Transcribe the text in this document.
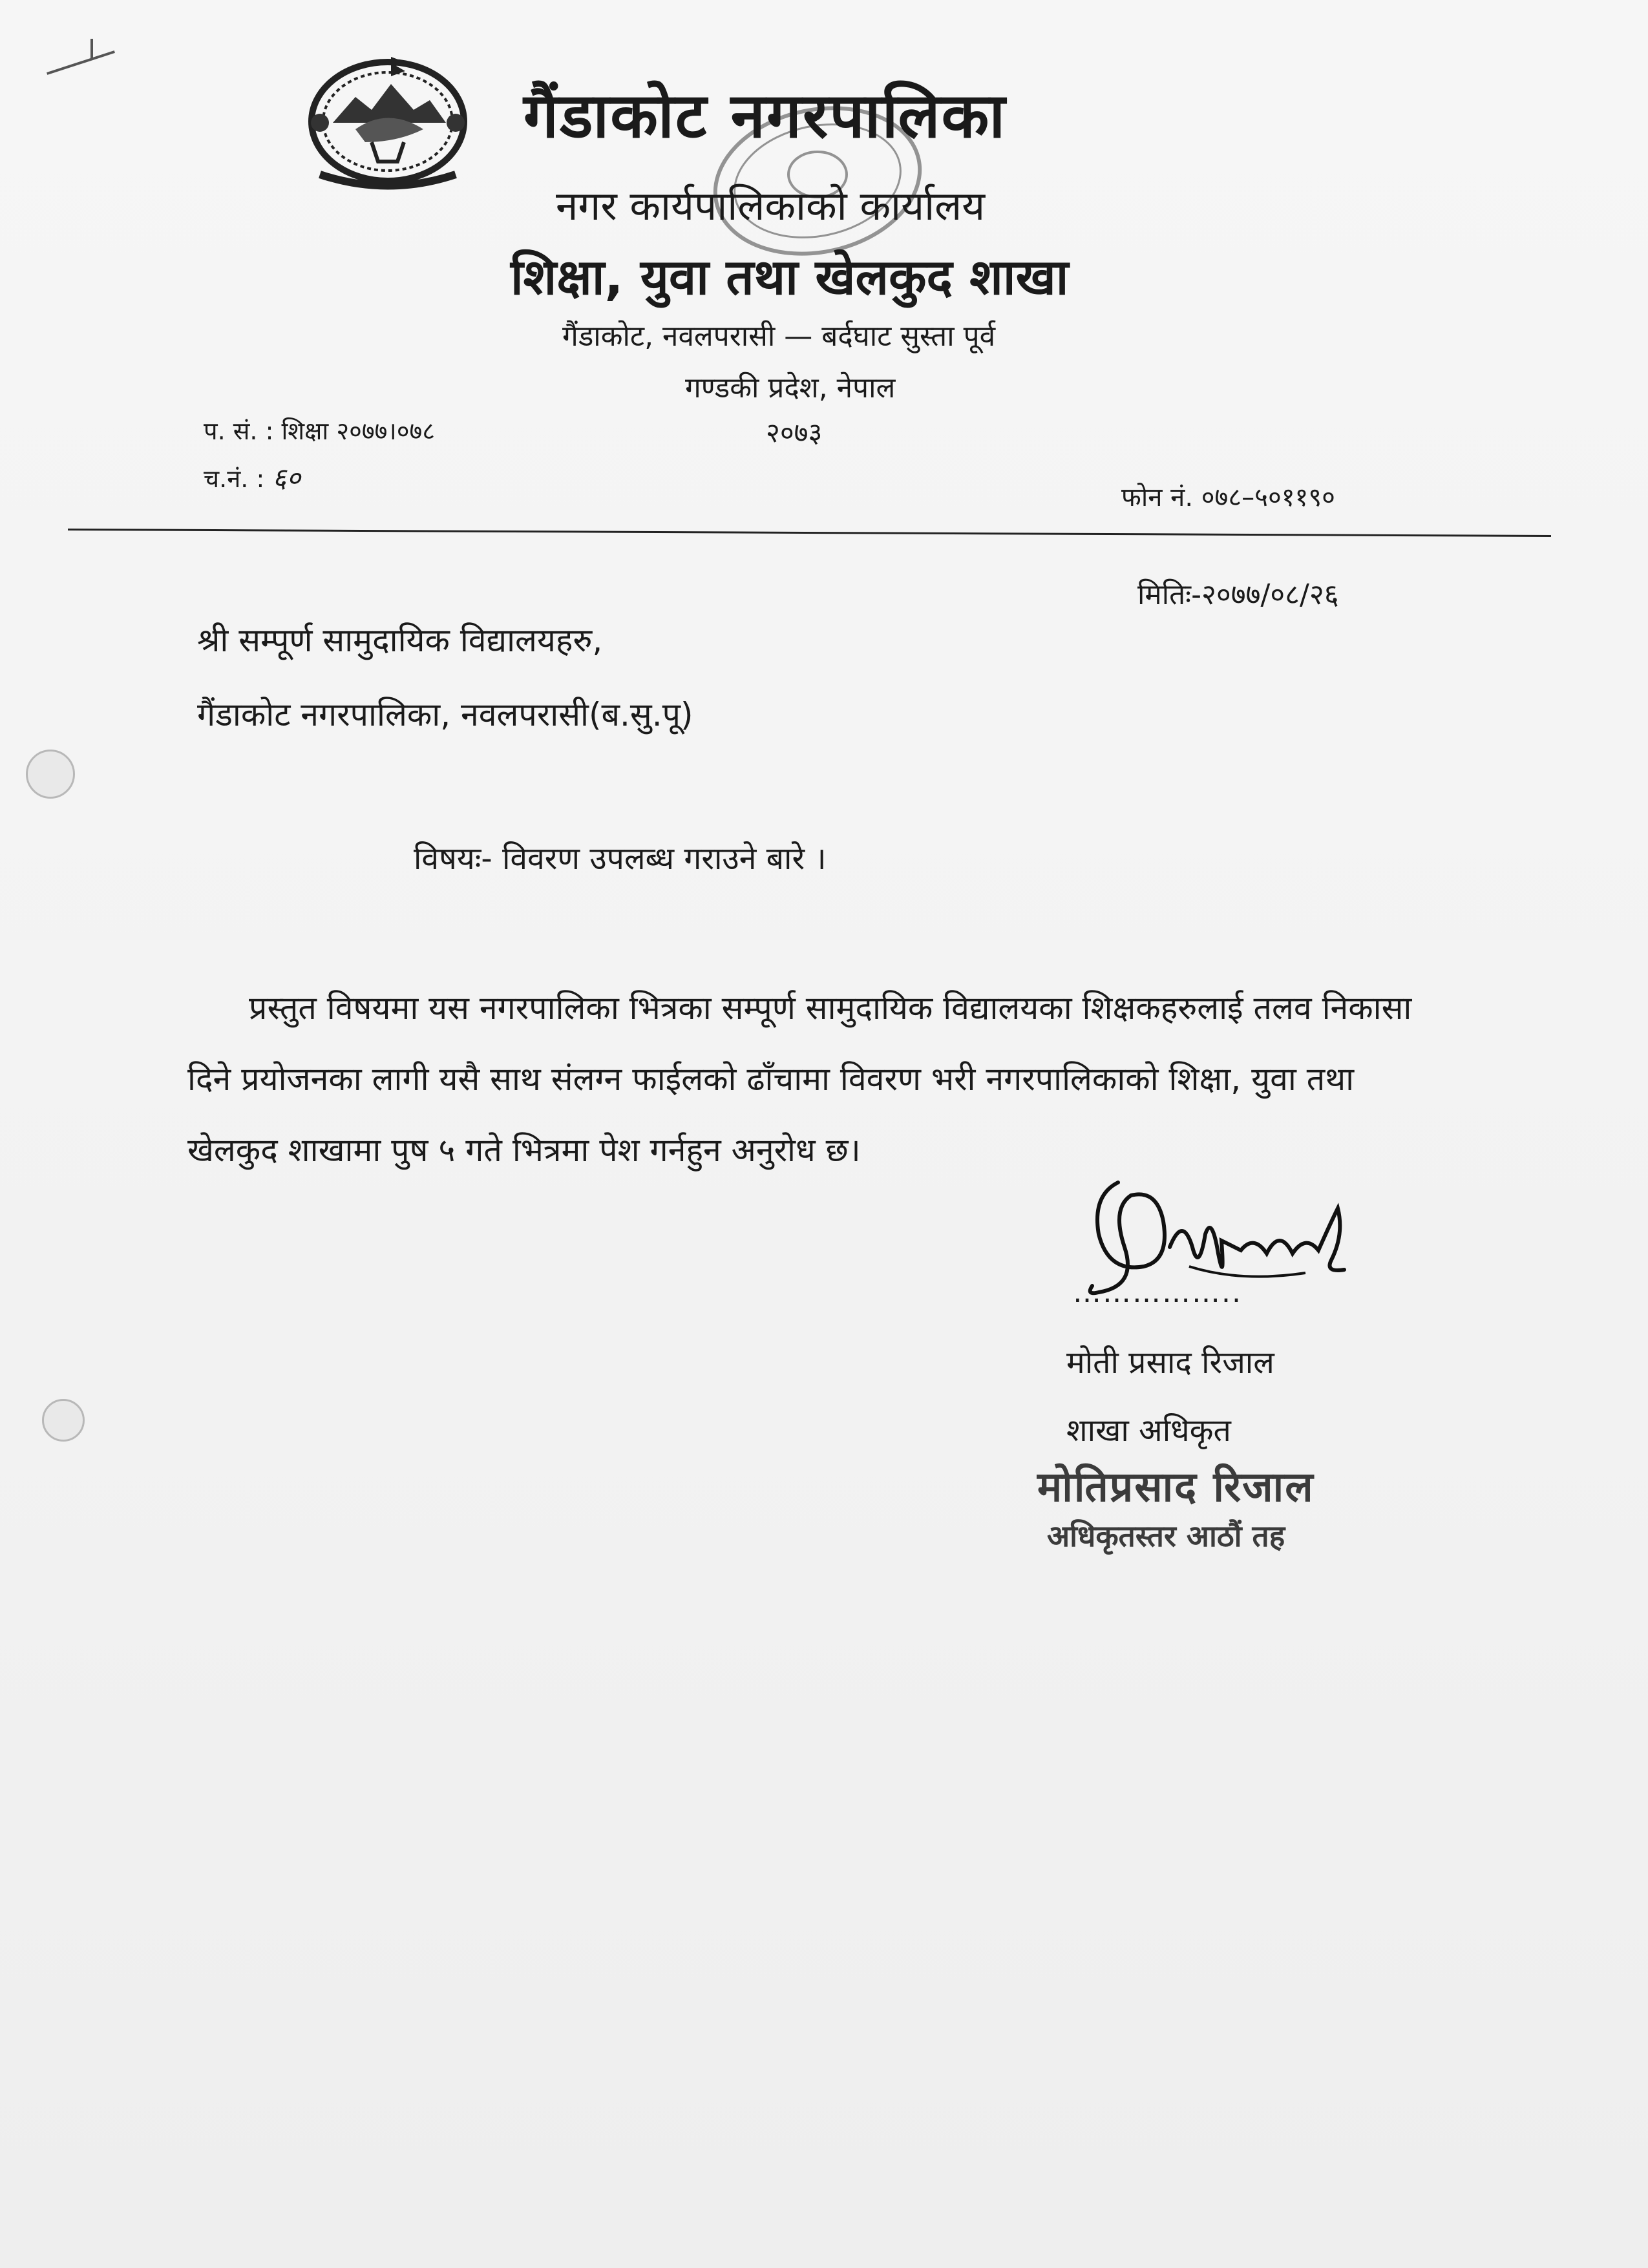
गैंडाकोट नगरपालिका
नगर कार्यपालिकाको कार्यालय
शिक्षा, युवा तथा खेलकुद शाखा
गैंडाकोट, नवलपरासी — बर्दघाट सुस्ता पूर्व
गण्डकी प्रदेश, नेपाल
२०७३
प. सं. : शिक्षा २०७७।०७८
च.नं. : ६०
फोन नं. ०७८–५०११९०
मितिः-२०७७/०८/२६
श्री सम्पूर्ण सामुदायिक विद्यालयहरु,
गैंडाकोट नगरपालिका, नवलपरासी(ब.सु.पू)
विषयः- विवरण उपलब्ध गराउने बारे ।
प्रस्तुत विषयमा यस नगरपालिका भित्रका सम्पूर्ण सामुदायिक विद्यालयका शिक्षकहरुलाई तलव निकासा दिने प्रयोजनका लागी यसै साथ संलग्न फाईलको ढाँचामा विवरण भरी नगरपालिकाको शिक्षा, युवा तथा खेलकुद शाखामा पुष ५ गते भित्रमा पेश गर्नहुन अनुरोध छ।
……………..
मोती प्रसाद रिजाल
शाखा अधिकृत
मोतिप्रसाद रिजाल
अधिकृतस्तर आठौं तह
